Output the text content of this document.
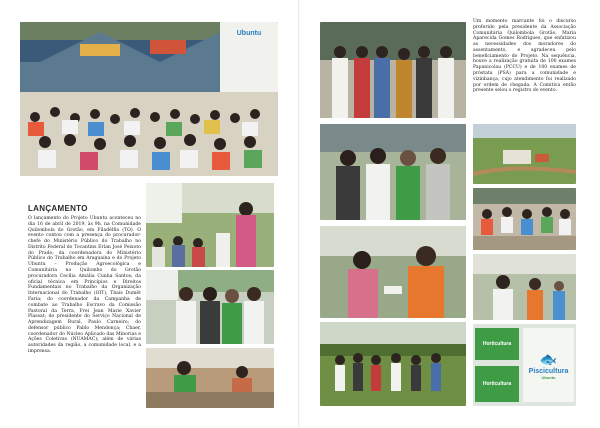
Ubuntu
LANÇAMENTO

O lançamento do Projeto Ubuntu aconteceu no dia 16 de abril de 2019, às 9h, na Comunidade Quilombola do Grotão, em Filadélfia (TO). O evento contou com a presença do procurador-chefe do Ministério Público do Trabalho no Distrito Federal do Tocantins Erlan José Peixoto do Prado; da coordenadora do Ministério Público do Trabalho em Araguaína e do Projeto Ubuntu – Produção Agroecológica e Comunitária no Quilombo do Grotão procuradora Cecília Amália Cunha Santos; da oficial técnica em Princípios e Direitos Fundamentais no Trabalho da Organização Internacional do Trabalho (OIT), Thaís Dumêt Faria; do coordenador da Campanha de combate ao Trabalho Escravo da Comissão Pastoral da Terra, Frei Jean Marie Xavier Plassat; do presidente do Serviço Nacional de Aprendizagem Rural, Paulo Carneiro; do defensor público Pablo Mendonça; Chaer, coordenador do Núcleo Aplicado das Minorias e Ações Coletivas (NUAMAC); além de várias autoridades da região, a comunidade local, e a imprensa.

Um momento marcante foi o discurso proferido pela presidente da Associação Comunitária Quilombola Grotão, Maria Aparecida Gomes Rodrigues, que enfatizou as necessidades dos moradores do assentamento, e agradeceu pelo beneficiamento do Projeto. Na sequência, houve a realização gratuita de 100 exames Papanicolau (PCCU) e de 100 exames de próstata (PSA) para a comunidade e vizinhança, cujo atendimento foi realizado por ordem de chegada. A Comitiva então presente selou o registro do evento.

Horticultura
Horticultura
🐟
Piscicultura
Ubuntu
